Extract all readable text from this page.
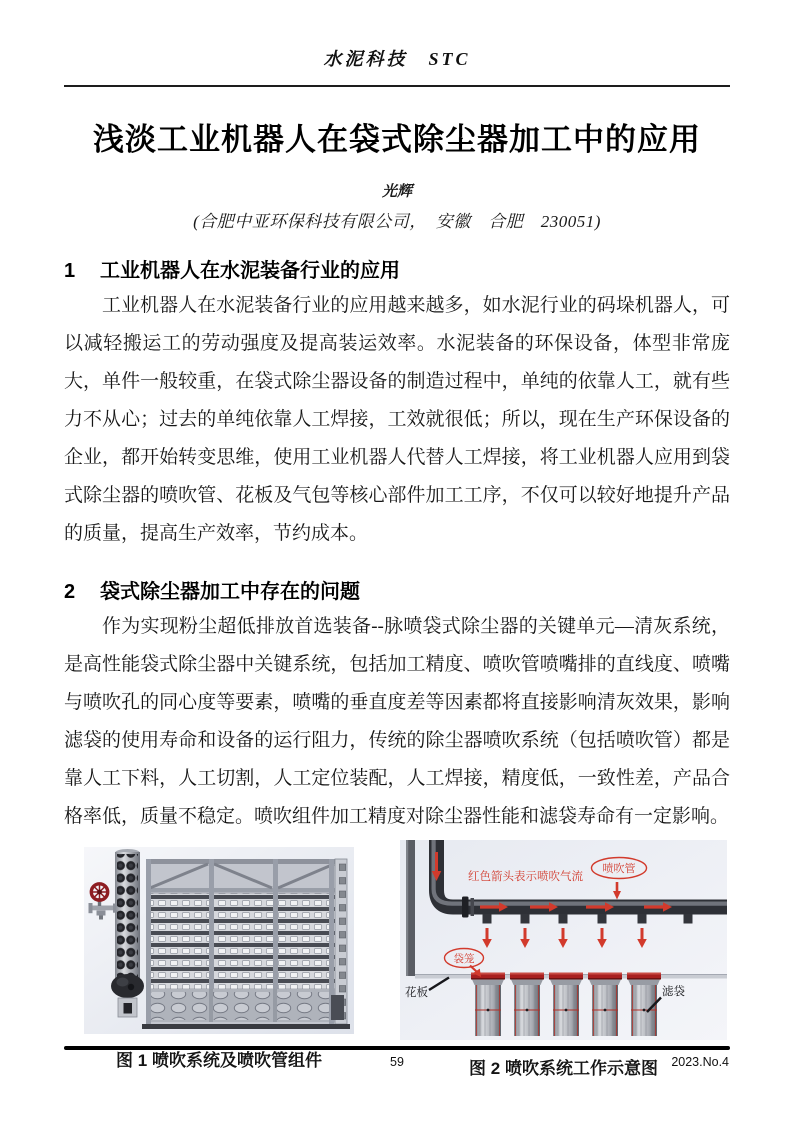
水泥科技　STC
浅淡工业机器人在袋式除尘器加工中的应用
光辉
(合肥中亚环保科技有限公司，　安徽　合肥　230051)
1 工业机器人在水泥装备行业的应用

工业机器人在水泥装备行业的应用越来越多，如水泥行业的码垛机器人，可以减轻搬运工的劳动强度及提高装运效率。水泥装备的环保设备，体型非常庞大，单件一般较重，在袋式除尘器设备的制造过程中，单纯的依靠人工，就有些力不从心；过去的单纯依靠人工焊接，工效就很低；所以，现在生产环保设备的企业，都开始转变思维，使用工业机器人代替人工焊接，将工业机器人应用到袋式除尘器的喷吹管、花板及气包等核心部件加工工序，不仅可以较好地提升产品的质量，提高生产效率，节约成本。

2 袋式除尘器加工中存在的问题

作为实现粉尘超低排放首选装备--脉喷袋式除尘器的关键单元—清灰系统，是高性能袋式除尘器中关键系统，包括加工精度、喷吹管喷嘴排的直线度、喷嘴与喷吹孔的同心度等要素，喷嘴的垂直度差等因素都将直接影响清灰效果，影响滤袋的使用寿命和设备的运行阻力，传统的除尘器喷吹系统（包括喷吹管）都是靠人工下料，人工切割，人工定位装配，人工焊接，精度低，一致性差，产品合格率低，质量不稳定。喷吹组件加工精度对除尘器性能和滤袋寿命有一定影响。

图 1 喷吹系统及喷吹管组件
红色箭头表示喷吹气流
喷吹管
袋笼
花板	滤袋
图 2 喷吹系统工作示意图
59	2023.No.4
